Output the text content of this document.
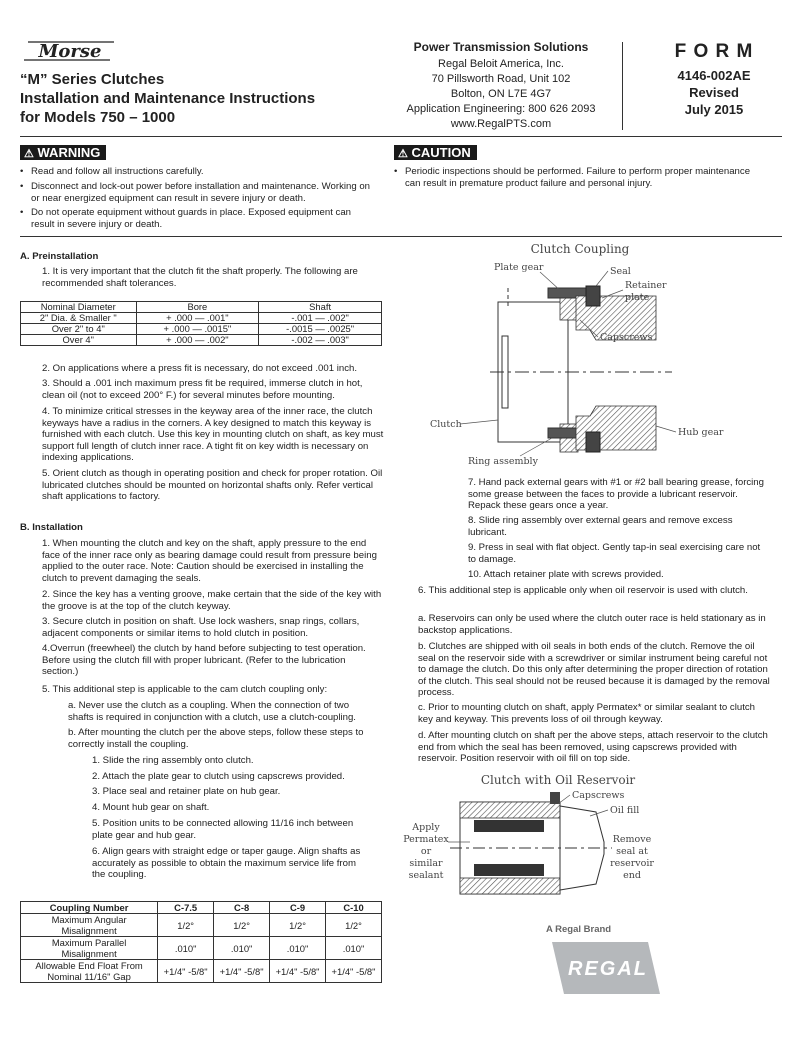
Morse
“M” Series Clutches
Installation and Maintenance Instructions
for Models 750 – 1000
Power Transmission Solutions
Regal Beloit America, Inc.
70 Pillsworth Road, Unit 102
Bolton, ON L7E 4G7
Application Engineering: 800 626 2093
www.RegalPTS.com
F O R M
4146-002AE
Revised
July 2015
⚠ WARNING
• Read and follow all instructions carefully.
• Disconnect and lock-out power before installation and maintenance. Working on or near energized equipment can result in severe injury or death.
• Do not operate equipment without guards in place. Exposed equipment can result in severe injury or death.
⚠ CAUTION
• Periodic inspections should be performed. Failure to perform proper maintenance can result in premature product failure and personal injury.
A. Preinstallation
1. It is very important that the clutch fit the shaft properly. The following are recommended shaft tolerances.
Nominal Diameter	Bore	Shaft
2" Dia. & Smaller "	+ .000 — .001"	-.001 — .002"
Over 2" to 4"	+ .000 — .0015"	-.0015 — .0025"
Over 4"	+ .000 — .002"	-.002 — .003"
2. On applications where a press fit is necessary, do not exceed .001 inch.
3. Should a .001 inch maximum press fit be required, immerse clutch in hot, clean oil (not to exceed 200° F.) for several minutes before mounting.
4. To minimize critical stresses in the keyway area of the inner race, the clutch keyways have a radius in the corners. A key designed to match this keyway is furnished with each clutch. Use this key in mounting clutch on shaft, as key must support full length of clutch inner race. A tight fit on key width is necessary on indexing applications.
5. Orient clutch as though in operating position and check for proper rotation. Oil lubricated clutches should be mounted on horizontal shafts only. Refer vertical shaft applications to factory.
B. Installation
1. When mounting the clutch and key on the shaft, apply pressure to the end face of the inner race only as bearing damage could result from pressure being applied to the outer race. Note: Caution should be exercised in installing the clutch to prevent damaging the seals.
2. Since the key has a venting groove, make certain that the side of the key with the groove is at the top of the clutch keyway.
3. Secure clutch in position on shaft. Use lock washers, snap rings, collars, adjacent components or similar items to hold clutch in position.
4.Overrun (freewheel) the clutch by hand before subjecting to test operation. Before using the clutch fill with proper lubricant. (Refer to the lubrication section.)
5. This additional step is applicable to the cam clutch coupling only:
a. Never use the clutch as a coupling. When the connection of two shafts is required in conjunction with a clutch, use a clutch-coupling.
b. After mounting the clutch per the above steps, follow these steps to correctly install the coupling.
1. Slide the ring assembly onto clutch.
2. Attach the plate gear to clutch using capscrews provided.
3. Place seal and retainer plate on hub gear.
4. Mount hub gear on shaft.
5. Position units to be connected allowing 11/16 inch between plate gear and hub gear.
6. Align gears with straight edge or taper gauge. Align shafts as accurately as possible to obtain the maximum service life from the coupling.
Coupling Number	C-7.5	C-8	C-9	C-10
Maximum Angular Misalignment	1/2°	1/2°	1/2°	1/2°
Maximum Parallel Misalignment	.010"	.010"	.010"	.010"
Allowable End Float From Nominal 11/16" Gap	+1/4" -5/8"	+1/4" -5/8"	+1/4" -5/8"	+1/4" -5/8"
Clutch Coupling
Plate gear	Seal
Retainer
plate
Capscrews
Clutch
Hub gear
Ring assembly
7. Hand pack external gears with #1 or #2 ball bearing grease, forcing some grease between the faces to provide a lubricant reservoir. Repack these gears once a year.
8. Slide ring assembly over external gears and remove excess lubricant.
9. Press in seal with flat object. Gently tap-in seal exercising care not to damage.
10. Attach retainer plate with screws provided.
6. This additional step is applicable only when oil reservoir is used with clutch.
a. Reservoirs can only be used where the clutch outer race is held stationary as in backstop applications.
b. Clutches are shipped with oil seals in both ends of the clutch. Remove the oil seal on the reservoir side with a screwdriver or similar instrument being careful not to damage the clutch. Do this only after determining the proper direction of rotation of the clutch. This seal should not be reused because it is damaged by the removal process.
c. Prior to mounting clutch on shaft, apply Permatex* or similar sealant to clutch key and keyway. This prevents loss of oil through keyway.
d. After mounting clutch on shaft per the above steps, attach reservoir to the clutch end from which the seal has been removed, using capscrews provided with reservoir. Position reservoir with oil fill on top side.
Clutch with Oil Reservoir
Capscrews
Oil fill
Apply
Permatex
or
similar
sealant
Remove
seal at
reservoir
end
A Regal Brand
REGAL
